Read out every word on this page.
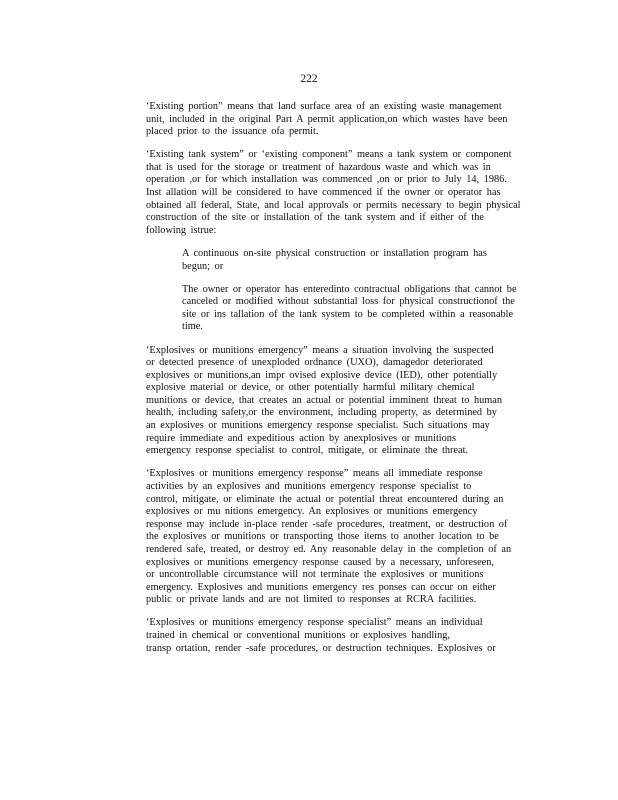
222
‘Existing portion” means that land surface area of an existing waste management
unit, included in the original Part A permit application,on which wastes have been
placed prior to the issuance ofa permit.
‘Existing tank system” or ‘existing component” means a tank system or component
that is used for the storage or treatment of hazardous waste and which was in
operation ,or for which installation was commenced ,on or prior to July 14, 1986.
Inst allation will be considered to have commenced if the owner or operator has
obtained all federal, State, and local approvals or permits necessary to begin physical
construction of the site or installation of the tank system and if either of the
following istrue:
A continuous on-site physical construction or installation program has
begun; or
The owner or operator has enteredinto contractual obligations that cannot be
canceled or modified without substantial loss for physical constructionof the
site or ins tallation of the tank system to be completed within a reasonable
time.
‘Explosives or munitions emergency” means a situation involving the suspected
or detected presence of unexploded ordnance (UXO), damagedor deteriorated
explosives or munitions,an impr ovised explosive device (IED), other potentially
explosive material or device, or other potentially harmful military chemical
munitions or device, that creates an actual or potential imminent threat to human
health, including safety,or the environment, including property, as determined by
an explosives or munitions emergency response specialist. Such situations may
require immediate and expeditious action by anexplosives or munitions
emergency response specialist to control, mitigate, or eliminate the threat.
‘Explosives or munitions emergency response” means all immediate response
activities by an explosives and munitions emergency response specialist to
control, mitigate, or eliminate the actual or potential threat encountered during an
explosives or mu nitions emergency. An explosives or munitions emergency
response may include in-place render -safe procedures, treatment, or destruction of
the explosives or munitions or transporting those items to another location to be
rendered safe, treated, or destroy ed. Any reasonable delay in the completion of an
explosives or munitions emergency response caused by a necessary, unforeseen,
or uncontrollable circumstance will not terminate the explosives or munitions
emergency. Explosives and munitions emergency res ponses can occur on either
public or private lands and are not limited to responses at RCRA facilities.
‘Explosives or munitions emergency response specialist” means an individual
trained in chemical or conventional munitions or explosives handling,
transp ortation, render -safe procedures, or destruction techniques. Explosives or
